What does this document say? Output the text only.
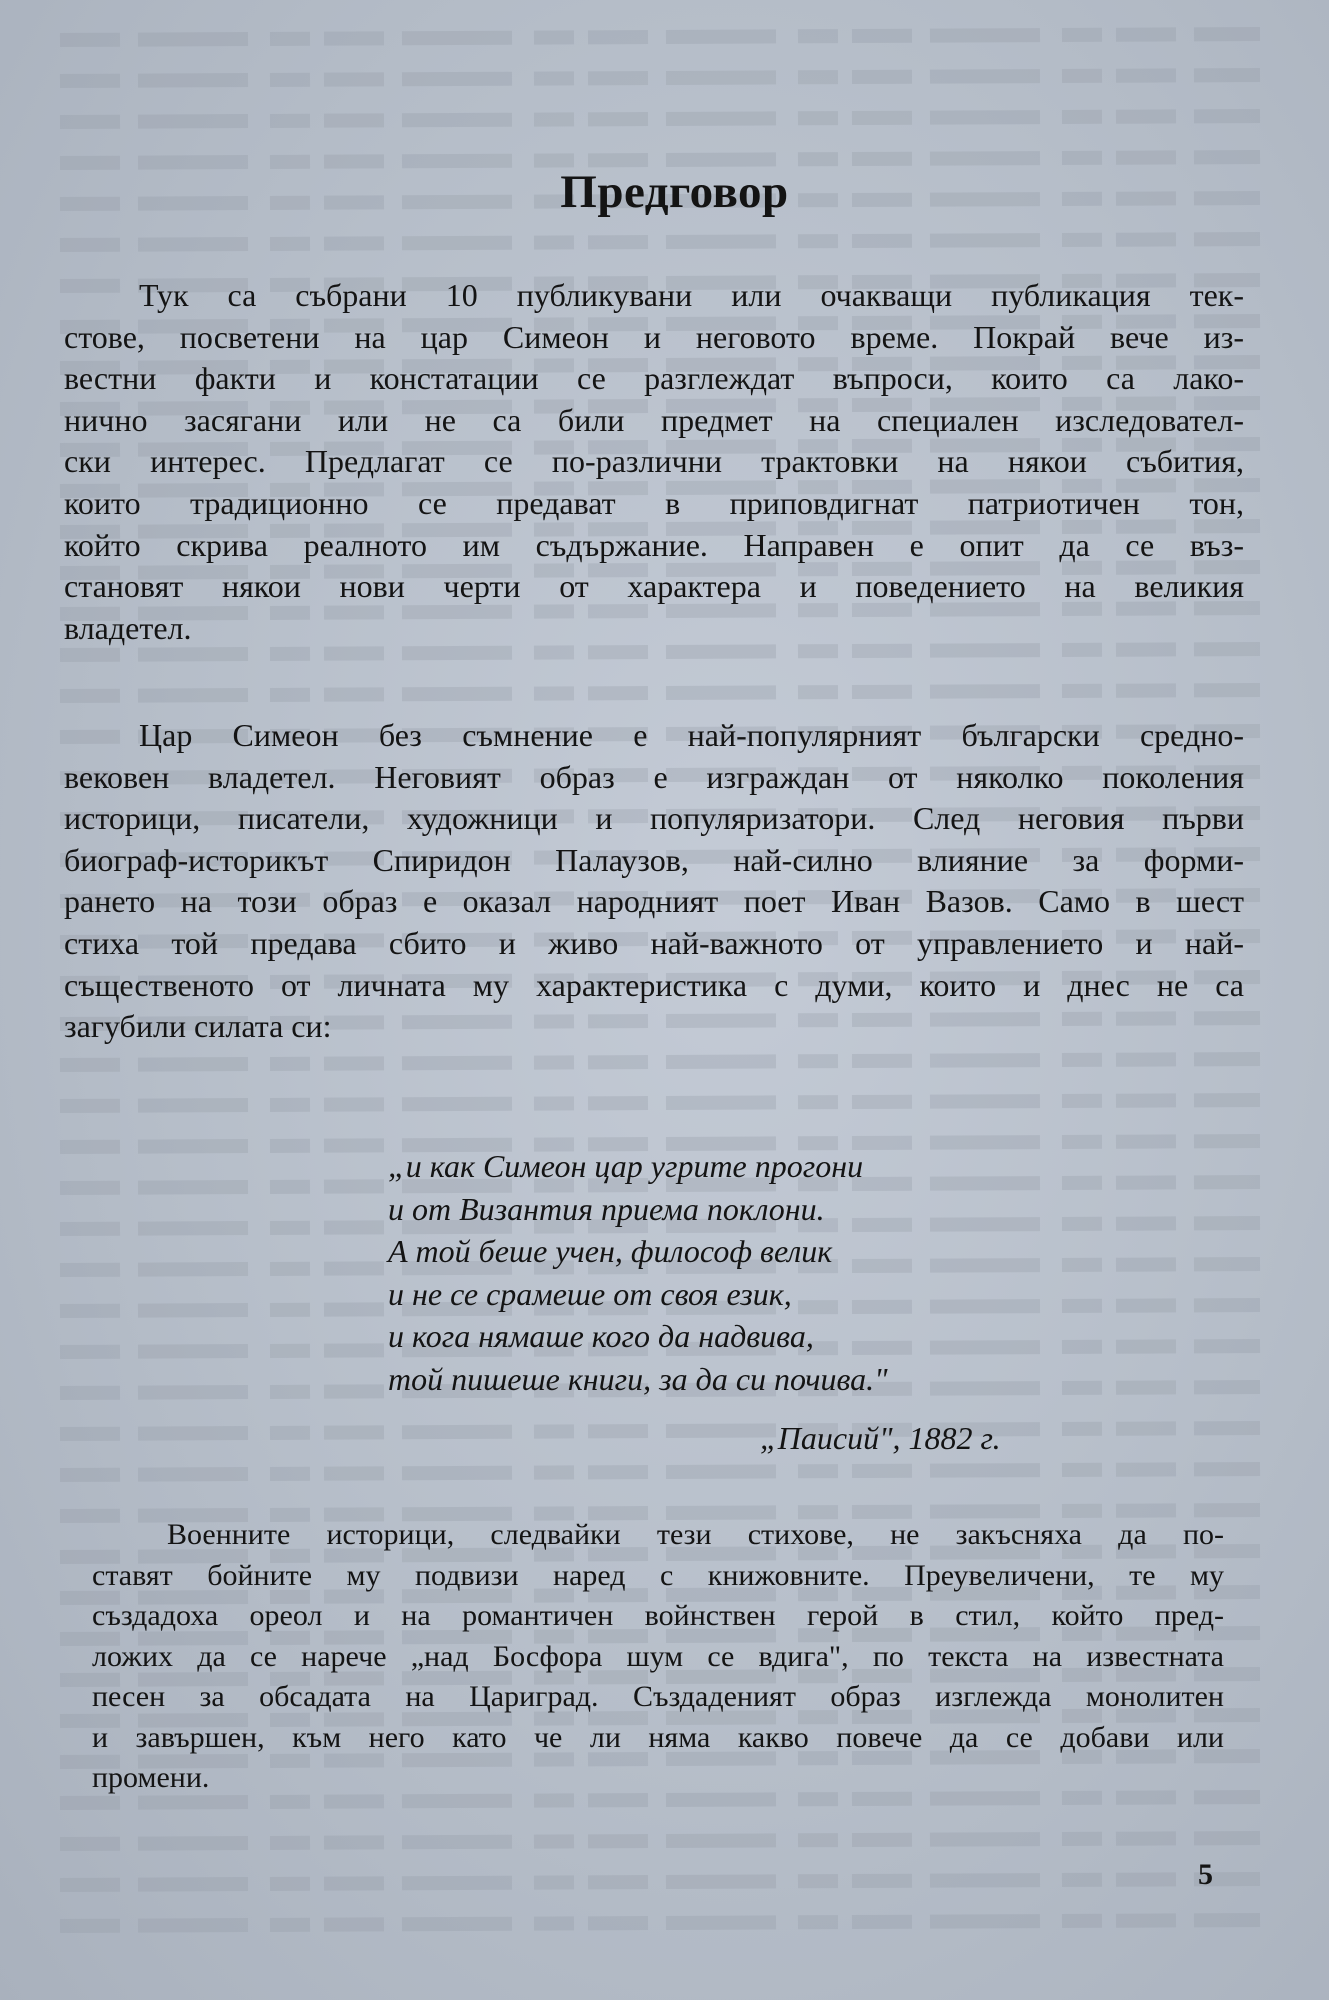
Предговор

Тук са събрани 10 публикувани или очакващи публикация тек-
стове, посветени на цар Симеон и неговото време. Покрай вече из-
вестни факти и констатации се разглеждат въпроси, които са лако-
нично засягани или не са били предмет на специален изследовател-
ски интерес. Предлагат се по-различни трактовки на някои събития,
които традиционно се предават в приповдигнат патриотичен тон,
който скрива реалното им съдържание. Направен е опит да се въз-
становят някои нови черти от характера и поведението на великия
владетел.

Цар Симеон без съмнение е най-популярният български средно-
вековен владетел. Неговият образ е изграждан от няколко поколения
историци, писатели, художници и популяризатори. След неговия първи
биограф-историкът Спиридон Палаузов, най-силно влияние за форми-
рането на този образ е оказал народният поет Иван Вазов. Само в шест
стиха той предава сбито и живо най-важното от управлението и най-
същественото от личната му характеристика с думи, които и днес не са
загубили силата си:

„и как Симеон цар угрите прогони
и от Византия приема поклони.
А той беше учен, философ велик
и не се срамеше от своя език,
и кога нямаше кого да надвива,
той пишеше книги, за да си почива."
„Паисий", 1882 г.

Военните историци, следвайки тези стихове, не закъсняха да по-
ставят бойните му подвизи наред с книжовните. Преувеличени, те му
създадоха ореол и на романтичен войнствен герой в стил, който пред-
ложих да се нарече „над Босфора шум се вдига", по текста на известната
песен за обсадата на Цариград. Създаденият образ изглежда монолитен
и завършен, към него като че ли няма какво повече да се добави или
промени.

5
